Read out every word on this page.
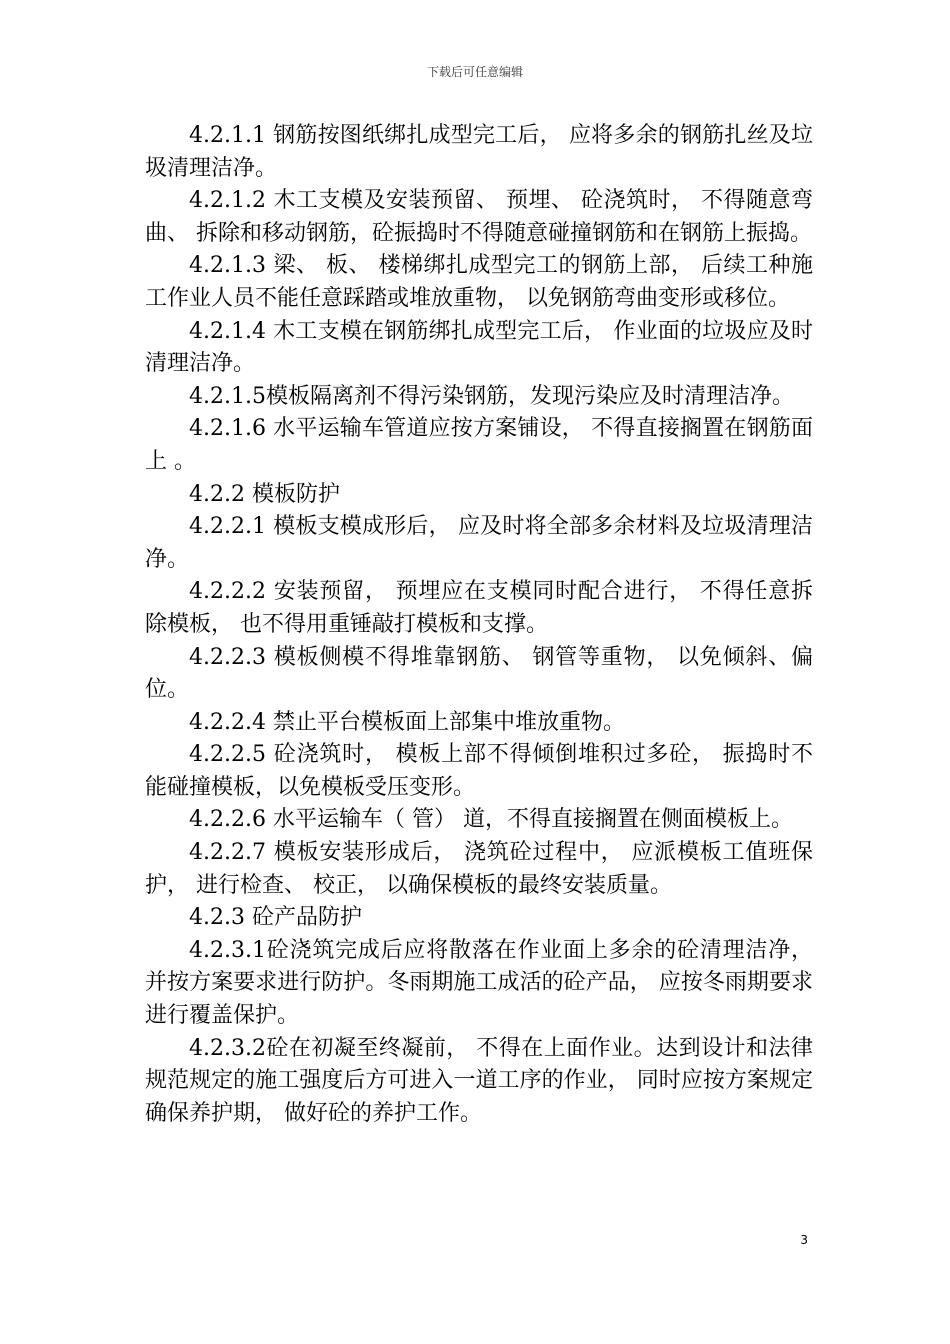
下载后可任意编辑

4.2.1.1 钢筋按图纸绑扎成型完工后， 应将多余的钢筋扎丝及垃圾清理洁净。

4.2.1.2 木工支模及安装预留、 预埋、 砼浇筑时， 不得随意弯曲、 拆除和移动钢筋，砼振捣时不得随意碰撞钢筋和在钢筋上振捣。

4.2.1.3 梁、 板、 楼梯绑扎成型完工的钢筋上部， 后续工种施工作业人员不能任意踩踏或堆放重物， 以免钢筋弯曲变形或移位。

4.2.1.4 木工支模在钢筋绑扎成型完工后， 作业面的垃圾应及时清理洁净。

4.2.1.5模板隔离剂不得污染钢筋，发现污染应及时清理洁净。

4.2.1.6 水平运输车管道应按方案铺设， 不得直接搁置在钢筋面上 。

4.2.2 模板防护

4.2.2.1 模板支模成形后， 应及时将全部多余材料及垃圾清理洁净。

4.2.2.2 安装预留， 预埋应在支模同时配合进行， 不得任意拆除模板， 也不得用重锤敲打模板和支撑。

4.2.2.3 模板侧模不得堆靠钢筋、 钢管等重物， 以免倾斜、偏位。

4.2.2.4 禁止平台模板面上部集中堆放重物。

4.2.2.5 砼浇筑时， 模板上部不得倾倒堆积过多砼， 振捣时不能碰撞模板，以免模板受压变形。

4.2.2.6 水平运输车（ 管） 道，不得直接搁置在侧面模板上。

4.2.2.7 模板安装形成后， 浇筑砼过程中， 应派模板工值班保护， 进行检查、 校正， 以确保模板的最终安装质量。

4.2.3 砼产品防护

4.2.3.1砼浇筑完成后应将散落在作业面上多余的砼清理洁净， 并按方案要求进行防护。冬雨期施工成活的砼产品， 应按冬雨期要求进行覆盖保护。

4.2.3.2砼在初凝至终凝前， 不得在上面作业。达到设计和法律规范规定的施工强度后方可进入一道工序的作业， 同时应按方案规定确保养护期， 做好砼的养护工作。

3
